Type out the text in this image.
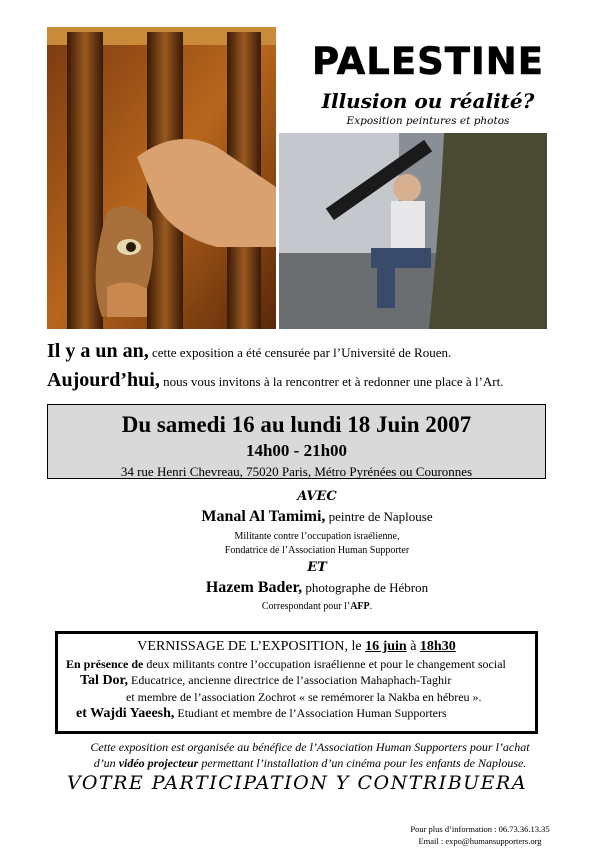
PALESTINE
Illusion ou réalité?
Exposition peintures et photos
Il y a un an, cette exposition a été censurée par l’Université de Rouen.
Aujourd’hui, nous vous invitons à la rencontrer et à redonner une place à l’Art.
Du samedi 16 au lundi 18 Juin 2007
14h00 - 21h00
34 rue Henri Chevreau, 75020 Paris, Métro Pyrénées ou Couronnes
AVEC
Manal Al Tamimi, peintre de Naplouse
Militante contre l’occupation israélienne,
Fondatrice de l’Association Human Supporter
ET
Hazem Bader, photographe de Hébron
Correspondant pour l’AFP.
VERNISSAGE DE L’EXPOSITION, le 16 juin à 18h30
En présence de deux militants contre l’occupation israélienne et pour le changement social
Tal Dor, Educatrice, ancienne directrice de l’association Mahaphach-Taghir
et membre de l’association Zochrot « se remémorer la Nakba en hébreu ».
et Wajdi Yaeesh, Etudiant et membre de l’Association Human Supporters
Cette exposition est organisée au bénéfice de l’Association Human Supporters pour l’achat
d’un vidéo projecteur permettant l’installation d’un cinéma pour les enfants de Naplouse.
VOTRE PARTICIPATION Y CONTRIBUERA
Pour plus d’information : 06.73.36.13.35
Email : expo@humansupporters.org
